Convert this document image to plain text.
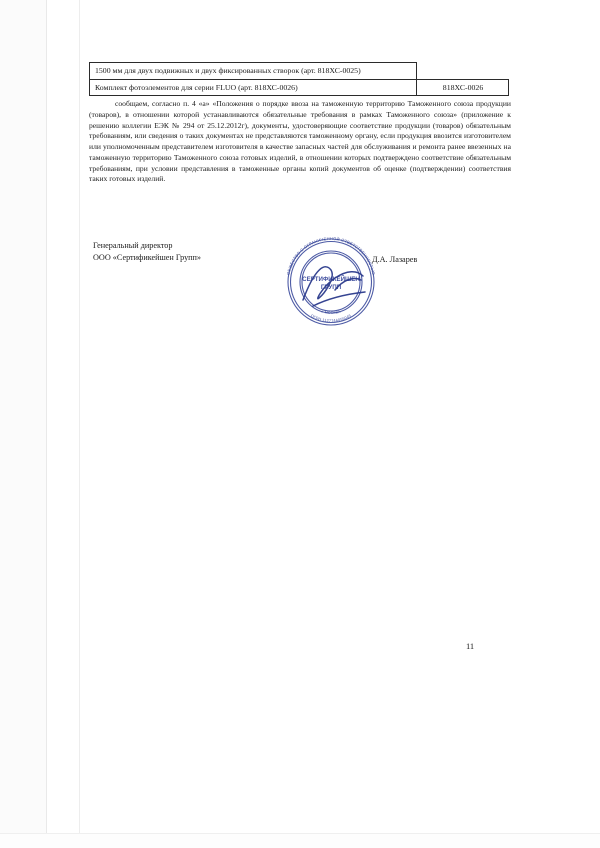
1500 мм для двух подвижных и двух фиксированных створок (арт. 818ХС-0025)	
Комплект фотоэлементов для серии FLUO (арт. 818ХС-0026)	818ХС-0026
сообщаем, согласно п. 4 «а» «Положения о порядке ввоза на таможенную территорию Таможенного союза продукции (товаров), в отношении которой устанавливаются обязательные требования в рамках Таможенного союза» (приложение к решению коллегии ЕЭК № 294 от 25.12.2012г), документы, удостоверяющие соответствие продукции (товаров) обязательным требованиям, или сведения о таких документах не представляются таможенному органу, если продукция ввозится изготовителем или уполномоченным представителем изготовителя в качестве запасных частей для обслуживания и ремонта ранее ввезенных на таможенную территорию Таможенного союза готовых изделий, в отношении которых подтверждено соответствие обязательным требованиям, при условии представления в таможенные органы копий документов об оценке (подтверждении) соответствия таких готовых изделий.
Генеральный директор
ООО «Сертификейшен Групп»	Д.А. Лазарев
ОБЩЕСТВО С ОГРАНИЧЕННОЙ ОТВЕТСТВЕННОСТЬЮ
ОГРН 1127746055045
г. МОСКВА
СЕРТИФИКЕЙШЕН
ГРУПП
11
